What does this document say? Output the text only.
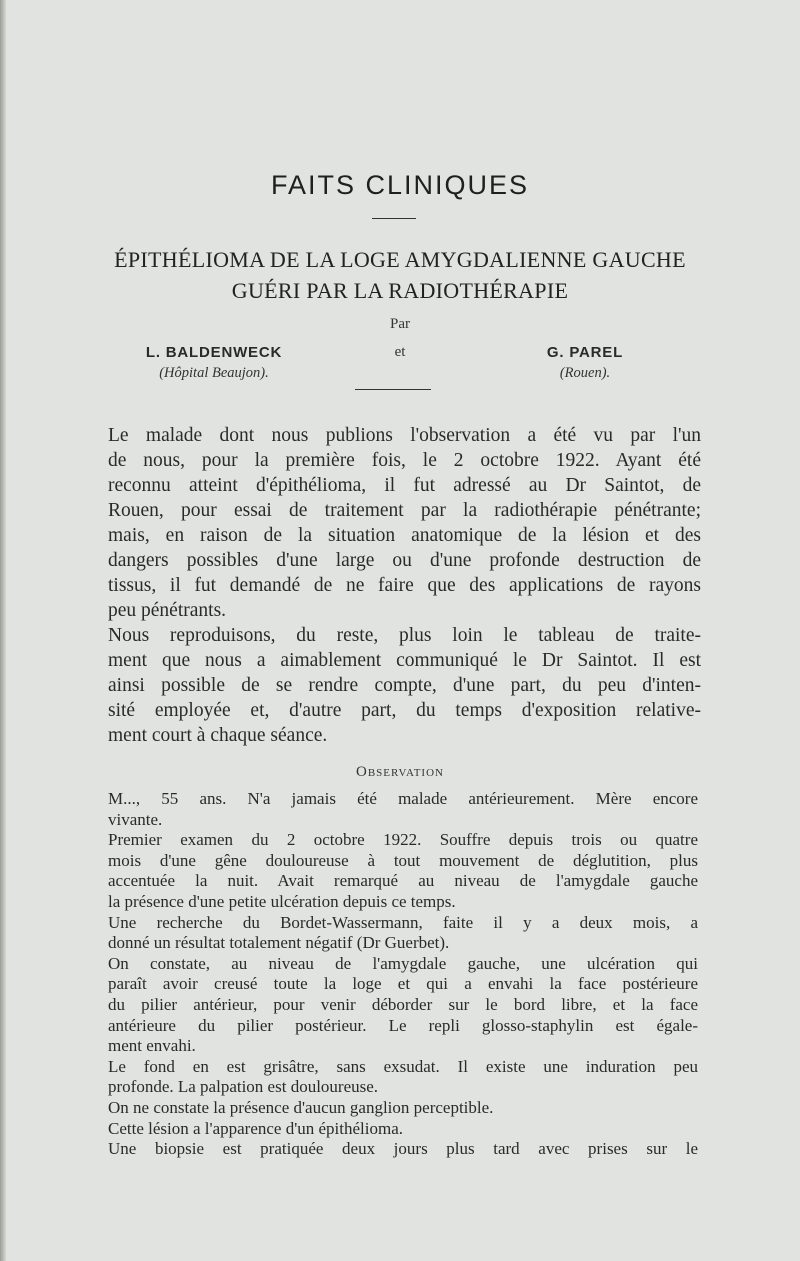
FAITS CLINIQUES
ÉPITHÉLIOMA DE LA LOGE AMYGDALIENNE GAUCHE
GUÉRI PAR LA RADIOTHÉRAPIE
Par
L. BALDENWECK
(Hôpital Beaujon).
et	G. PAREL
(Rouen).
Le malade dont nous publions l'observation a été vu par l'un
de nous, pour la première fois, le 2 octobre 1922. Ayant été
reconnu atteint d'épithélioma, il fut adressé au Dr Saintot, de
Rouen, pour essai de traitement par la radiothérapie pénétrante;
mais, en raison de la situation anatomique de la lésion et des
dangers possibles d'une large ou d'une profonde destruction de
tissus, il fut demandé de ne faire que des applications de rayons
peu pénétrants.
Nous reproduisons, du reste, plus loin le tableau de traite-
ment que nous a aimablement communiqué le Dr Saintot. Il est
ainsi possible de se rendre compte, d'une part, du peu d'inten-
sité employée et, d'autre part, du temps d'exposition relative-
ment court à chaque séance.
Observation
M..., 55 ans. N'a jamais été malade antérieurement. Mère encore
vivante.
Premier examen du 2 octobre 1922. Souffre depuis trois ou quatre
mois d'une gêne douloureuse à tout mouvement de déglutition, plus
accentuée la nuit. Avait remarqué au niveau de l'amygdale gauche
la présence d'une petite ulcération depuis ce temps.
Une recherche du Bordet-Wassermann, faite il y a deux mois, a
donné un résultat totalement négatif (Dr Guerbet).
On constate, au niveau de l'amygdale gauche, une ulcération qui
paraît avoir creusé toute la loge et qui a envahi la face postérieure
du pilier antérieur, pour venir déborder sur le bord libre, et la face
antérieure du pilier postérieur. Le repli glosso-staphylin est égale-
ment envahi.
Le fond en est grisâtre, sans exsudat. Il existe une induration peu
profonde. La palpation est douloureuse.
On ne constate la présence d'aucun ganglion perceptible.
Cette lésion a l'apparence d'un épithélioma.
Une biopsie est pratiquée deux jours plus tard avec prises sur le
